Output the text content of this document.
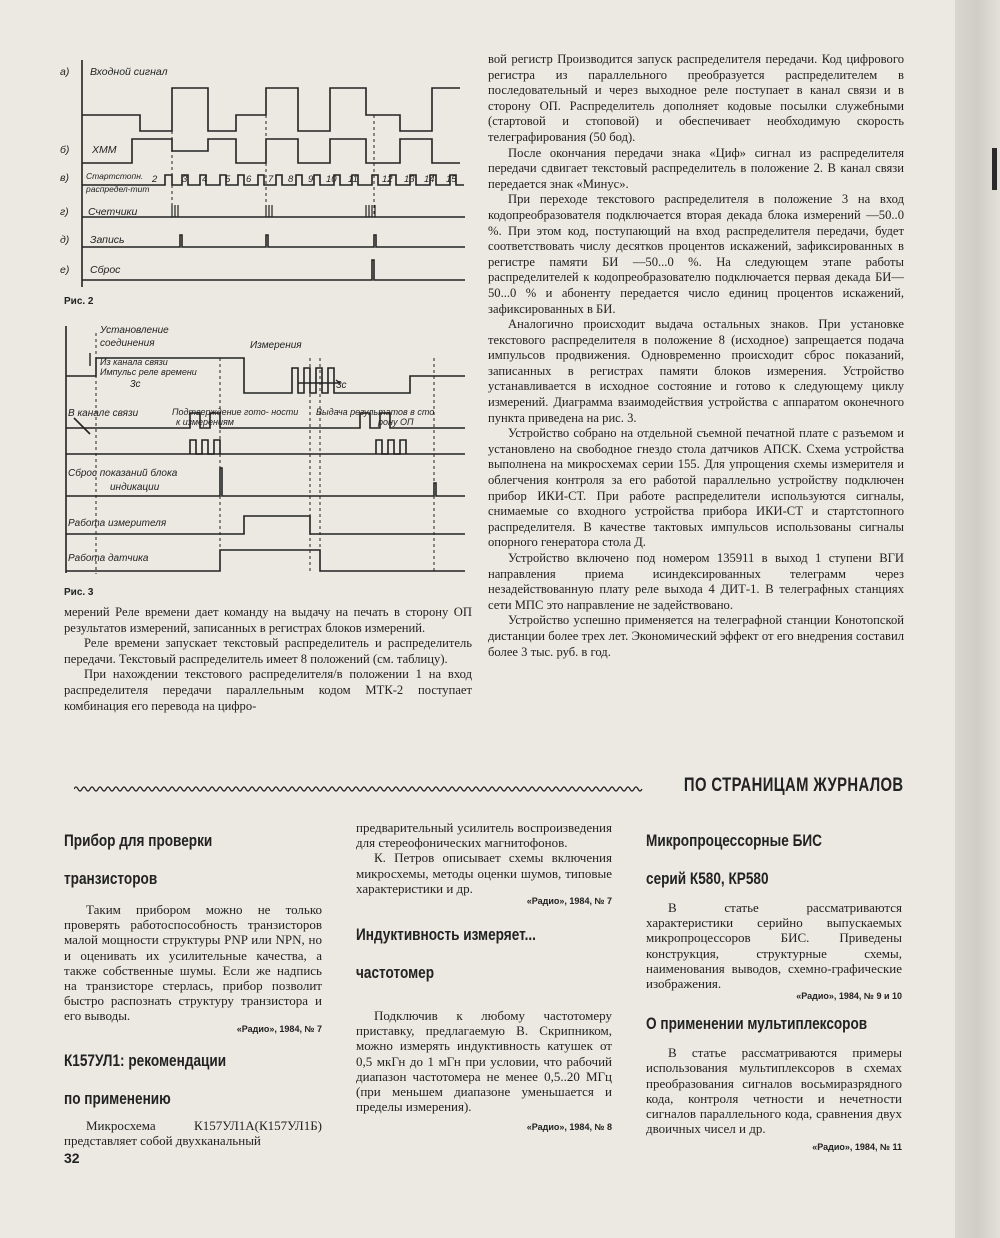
а) Входной сигнал
б) ХММ
в) Стартстопн.
распредел-тит
г) Счетчики
д) Запись
е) Сброс
2	3 4 5 6 7 8 9 10 11	12 13 14 15
Рис. 2
Установление
соединения
Из канала связи
Импульс реле времени
3с
Измерения
3с
В канале связи	Подтверждение гото- ности
к измерениям
Выдача результатов в сто
рону ОП
Сброс показаний блока
индикации
Работа измерителя
Работа датчика
Рис. 3

мерений Реле времени дает команду на выдачу на печать в сторону ОП результатов измерений, записанных в регистрах блоков измерений.

Реле времени запускает текстовый распределитель и распределитель передачи. Текстовый распределитель имеет 8 положений (см. таблицу).

При нахождении текстового распределителя/в положении 1 на вход распределителя передачи параллельным кодом МТК-2 поступает комбинация его перевода на цифро-

вой регистр Производится запуск распределителя передачи. Код цифрового регистра из параллельного преобразуется распределителем в последовательный и через выходное реле поступает в канал связи и в сторону ОП. Распределитель дополняет кодовые посылки служебными (стартовой и стоповой) и обеспечивает необходимую скорость телеграфирования (50 бод).

После окончания передачи знака «Циф» сигнал из распределителя передачи сдвигает текстовый распределитель в положение 2. В канал связи передается знак «Минус».

При переходе текстового распределителя в положение 3 на вход кодопреобразователя подключается вторая декада блока измерений —50..0 %. При этом код, поступающий на вход распределителя передачи, будет соответствовать числу десятков процентов искажений, зафиксированных в регистре памяти БИ —50...0 %. На следующем этапе работы распределителей к кодопреобразователю подключается первая декада БИ—50...0 % и абоненту передается число единиц процентов искажений, зафиксированных в БИ.

Аналогично происходит выдача остальных знаков. При установке текстового распределителя в положение 8 (исходное) запрещается подача импульсов продвижения. Одновременно происходит сброс показаний, записанных в регистрах памяти блоков измерения. Устройство устанавливается в исходное состояние и готово к следующему циклу измерений. Диаграмма взаимодействия устройства с аппаратом оконечного пункта приведена на рис. 3.

Устройство собрано на отдельной съемной печатной плате с разъемом и установлено на свободное гнездо стола датчиков АПСК. Схема устройства выполнена на микросхемах серии 155. Для упрощения схемы измерителя и облегчения контроля за его работой параллельно устройству подключен прибор ИКИ-СТ. При работе распределители используются сигналы, снимаемые со входного устройства прибора ИКИ-СТ и стартстопного распределителя. В качестве тактовых импульсов использованы сигналы опорного генератора стола Д.

Устройство включено под номером 135911 в выход 1 ступени ВГИ направления приема исиндексированных телеграмм через незадействованную плату реле выхода 4 ДИТ-1. В телеграфных станциях сети МПС это направление не задействовано.

Устройство успешно применяется на телеграфной станции Конотопской дистанции более трех лет. Экономический эффект от его внедрения составил более 3 тыс. руб. в год.

ПО СТРАНИЦАМ ЖУРНАЛОВ
Прибор для проверки
транзисторов

Таким прибором можно не только проверять работоспособность транзисторов малой мощности структуры PNP или NPN, но и оценивать их усилительные качества, а также собственные шумы. Если же надпись на транзисторе стерлась, прибор позволит быстро распознать структуру транзистора и его выводы.

«Радио», 1984, № 7

К157УЛ1: рекомендации
по применению

Микросхема К157УЛ1А(К157УЛ1Б) представляет собой двухканальный

предварительный усилитель воспроизведения для стереофонических магнитофонов.

К. Петров описывает схемы включения микросхемы, методы оценки шумов, типовые характеристики и др.

«Радио», 1984, № 7

Индуктивность измеряет...
частотомер

Подключив к любому частотомеру приставку, предлагаемую В. Скрипником, можно измерять индуктивность катушек от 0,5 мкГн до 1 мГн при условии, что рабочий диапазон частотомера не менее 0,5..20 МГц (при меньшем диапазоне уменьшается и пределы измерения).

«Радио», 1984, № 8

Микропроцессорные БИС
серий К580, КР580

В статье рассматриваются характеристики серийно выпускаемых микропроцессоров БИС. Приведены конструкция, структурные схемы, наименования выводов, схемно-графические изображения.

«Радио», 1984, № 9 и 10

О применении мультиплексоров

В статье рассматриваются примеры использования мультиплексоров в схемах преобразования сигналов восьмиразрядного кода, контроля четности и нечетности сигналов параллельного кода, сравнения двух двоичных чисел и др.

«Радио», 1984, № 11

32
